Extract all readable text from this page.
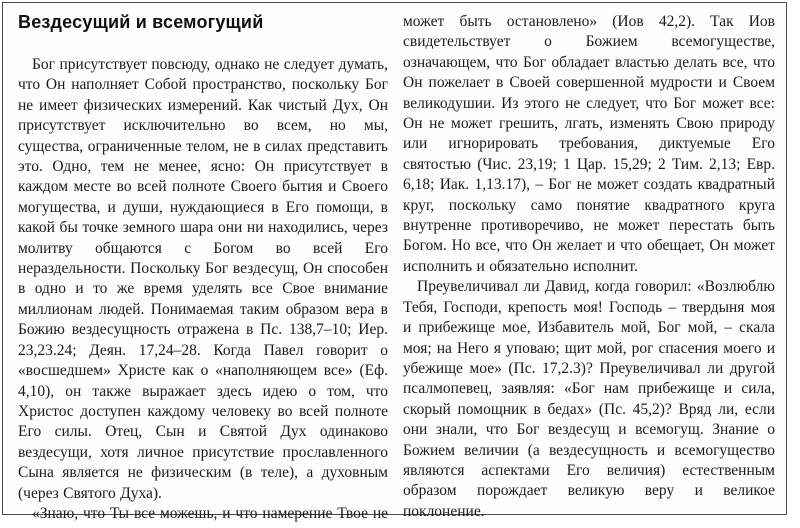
Вездесущий и всемогущий

Бог присутствует повсюду, однако не следует думать, что Он наполняет Собой пространство, поскольку Бог не имеет физических измерений. Как чистый Дух, Он присутствует исключительно во всем, но мы, существа, ограниченные телом, не в силах представить это. Одно, тем не менее, ясно: Он присутствует в каждом месте во всей полноте Своего бытия и Своего могущества, и души, нуждающиеся в Его помощи, в какой бы точке земного шара они ни находились, через молитву общаются с Богом во всей Его нераздельности. Поскольку Бог вездесущ, Он способен в одно и то же время уделять все Свое внимание миллионам людей. Понимаемая таким образом вера в Божию вездесущность отражена в Пс. 138,7–10; Иер. 23,23.24; Деян. 17,24–28. Когда Павел говорит о «восшедшем» Христе как о «наполняющем все» (Еф. 4,10), он также выражает здесь идею о том, что Христос доступен каждому человеку во всей полноте Его силы. Отец, Сын и Святой Дух одинаково вездесущи, хотя личное присутствие прославленного Сына является не физическим (в теле), а духовным (через Святого Духа).

«Знаю, что Ты все можешь, и что намерение Твое не

может быть остановлено» (Иов 42,2). Так Иов свидетельствует о Божием всемогуществе, означающем, что Бог обладает властью делать все, что Он пожелает в Своей совершенной мудрости и Своем великодушии. Из этого не следует, что Бог может все: Он не может грешить, лгать, изменять Свою природу или игнорировать требования, диктуемые Его святостью (Чис. 23,19; 1 Цар. 15,29; 2 Тим. 2,13; Евр. 6,18; Иак. 1,13.17), – Бог не может создать квадратный круг, поскольку само понятие квадратного круга внутренне противоречиво, не может перестать быть Богом. Но все, что Он желает и что обещает, Он может исполнить и обязательно исполнит.

Преувеличивал ли Давид, когда говорил: «Возлюблю Тебя, Господи, крепость моя! Господь – твердыня моя и прибежище мое, Избавитель мой, Бог мой, – скала моя; на Него я уповаю; щит мой, рог спасения моего и убежище мое» (Пс. 17,2.3)? Преувеличивал ли другой псалмопевец, заявляя: «Бог нам прибежище и сила, скорый помощник в бедах» (Пс. 45,2)? Вряд ли, если они знали, что Бог вездесущ и всемогущ. Знание о Божием величии (а вездесущность и всемогущество являются аспектами Его величия) естественным образом порождает великую веру и великое поклонение.
